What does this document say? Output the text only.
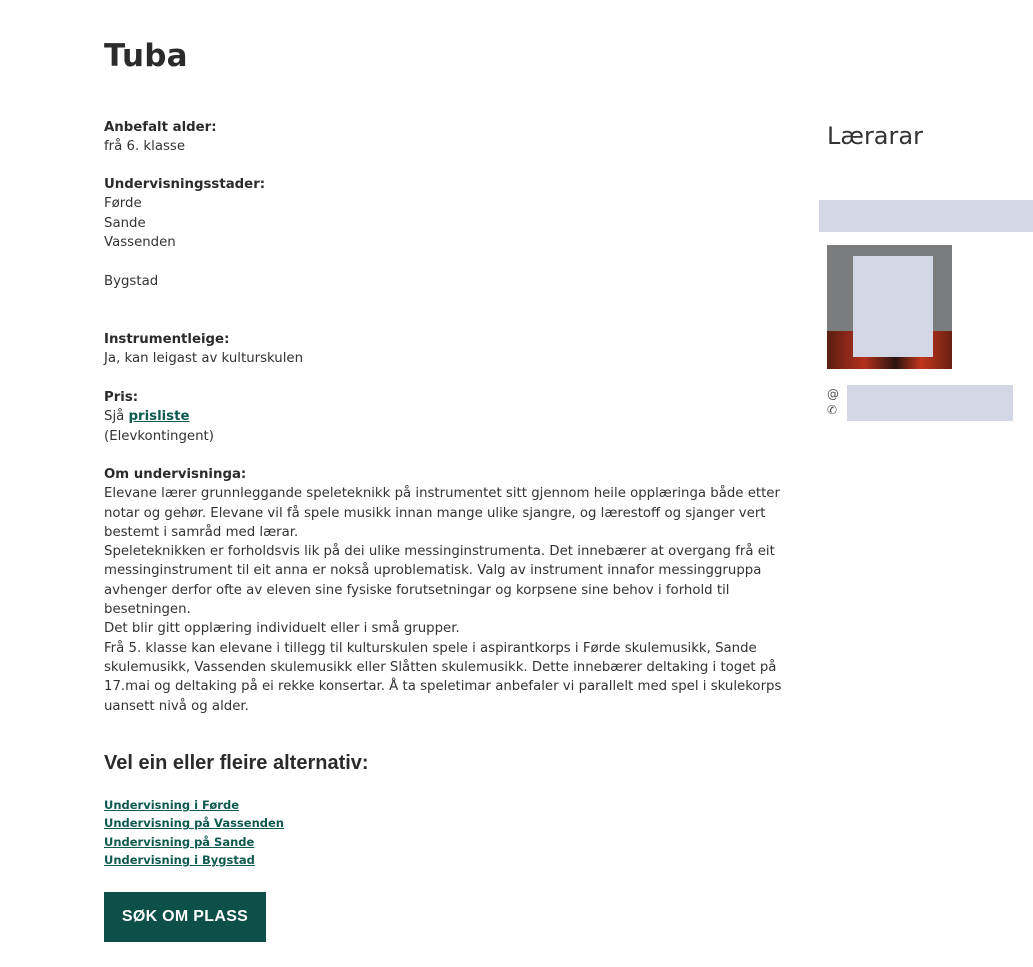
Tuba
Anbefalt alder:
frå 6. klasse
Undervisningsstader:
Førde
Sande
Vassenden
Bygstad
Instrumentleige:
Ja, kan leigast av kulturskulen
Pris:
Sjå prisliste
(Elevkontingent)
Om undervisninga:
Elevane lærer grunnleggande speleteknikk på instrumentet sitt gjennom heile opplæringa både etter notar og gehør. Elevane vil få spele musikk innan mange ulike sjangre, og lærestoff og sjanger vert bestemt i samråd med lærar.
Speleteknikken er forholdsvis lik på dei ulike messinginstrumenta. Det innebærer at overgang frå eit messinginstrument til eit anna er nokså uproblematisk. Valg av instrument innafor messinggruppa avhenger derfor ofte av eleven sine fysiske forutsetningar og korpsene sine behov i forhold til besetningen.
Det blir gitt opplæring individuelt eller i små grupper.
Frå 5. klasse kan elevane i tillegg til kulturskulen spele i aspirantkorps i Førde skulemusikk, Sande skulemusikk, Vassenden skulemusikk eller Slåtten skulemusikk. Dette innebærer deltaking i toget på 17.mai og deltaking på ei rekke konsertar. Å ta speletimar anbefaler vi parallelt med spel i skulekorps uansett nivå og alder.
Vel ein eller fleire alternativ:
Undervisning i Førde
Undervisning på Vassenden
Undervisning på Sande
Undervisning i Bygstad
SØK OM PLASS
Lærarar
@
✆
